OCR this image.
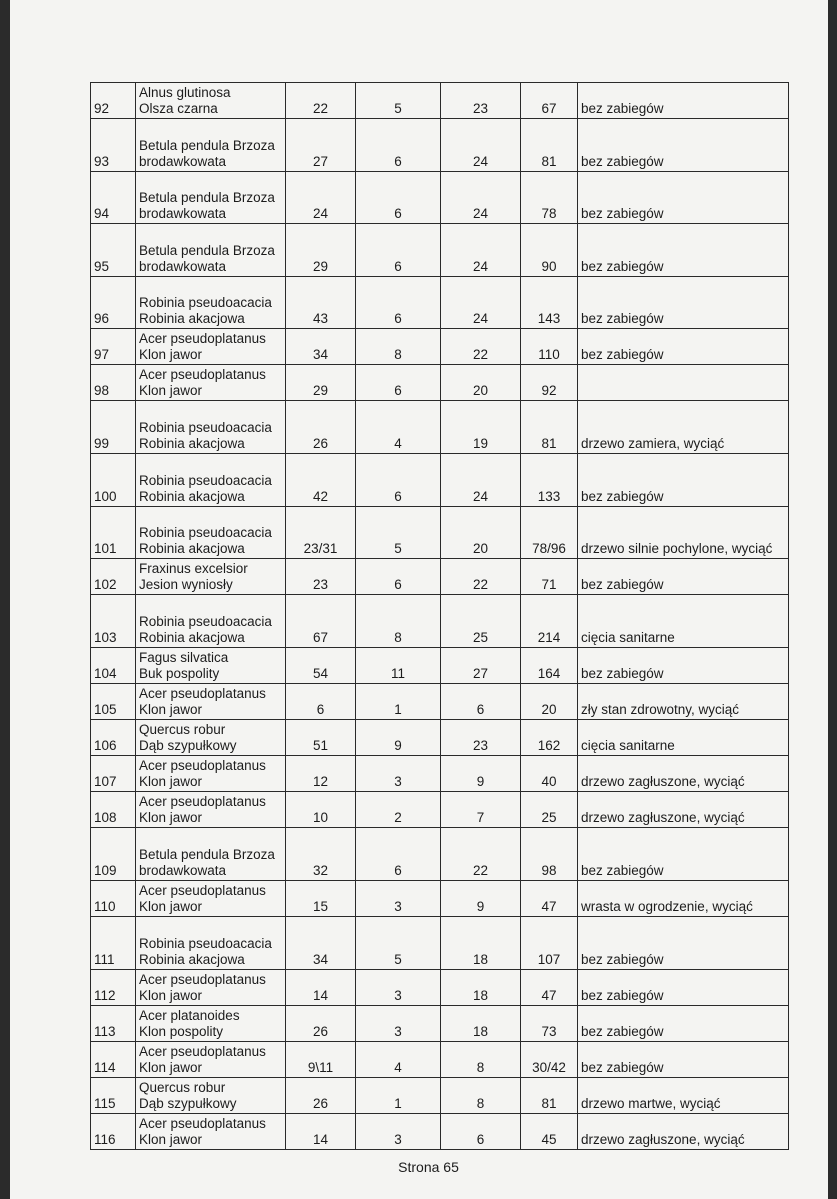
92	Alnus glutinosa
Olsza czarna	22	5	23	67	bez zabiegów
93	Betula pendula Brzoza
brodawkowata	27	6	24	81	bez zabiegów
94	Betula pendula Brzoza
brodawkowata	24	6	24	78	bez zabiegów
95	Betula pendula Brzoza
brodawkowata	29	6	24	90	bez zabiegów
96	Robinia pseudoacacia
Robinia akacjowa	43	6	24	143	bez zabiegów
97	Acer pseudoplatanus
Klon jawor	34	8	22	110	bez zabiegów
98	Acer pseudoplatanus
Klon jawor	29	6	20	92	
99	Robinia pseudoacacia
Robinia akacjowa	26	4	19	81	drzewo zamiera, wyciąć
100	Robinia pseudoacacia
Robinia akacjowa	42	6	24	133	bez zabiegów
101	Robinia pseudoacacia
Robinia akacjowa	23/31	5	20	78/96	drzewo silnie pochylone, wyciąć
102	Fraxinus excelsior
Jesion wyniosły	23	6	22	71	bez zabiegów
103	Robinia pseudoacacia
Robinia akacjowa	67	8	25	214	cięcia sanitarne
104	Fagus silvatica
Buk pospolity	54	11	27	164	bez zabiegów
105	Acer pseudoplatanus
Klon jawor	6	1	6	20	zły stan zdrowotny, wyciąć
106	Quercus robur
Dąb szypułkowy	51	9	23	162	cięcia sanitarne
107	Acer pseudoplatanus
Klon jawor	12	3	9	40	drzewo zagłuszone, wyciąć
108	Acer pseudoplatanus
Klon jawor	10	2	7	25	drzewo zagłuszone, wyciąć
109	Betula pendula Brzoza
brodawkowata	32	6	22	98	bez zabiegów
110	Acer pseudoplatanus
Klon jawor	15	3	9	47	wrasta w ogrodzenie, wyciąć
111	Robinia pseudoacacia
Robinia akacjowa	34	5	18	107	bez zabiegów
112	Acer pseudoplatanus
Klon jawor	14	3	18	47	bez zabiegów
113	Acer platanoides
Klon pospolity	26	3	18	73	bez zabiegów
114	Acer pseudoplatanus
Klon jawor	9\11	4	8	30/42	bez zabiegów
115	Quercus robur
Dąb szypułkowy	26	1	8	81	drzewo martwe, wyciąć
116	Acer pseudoplatanus
Klon jawor	14	3	6	45	drzewo zagłuszone, wyciąć
Strona 65
